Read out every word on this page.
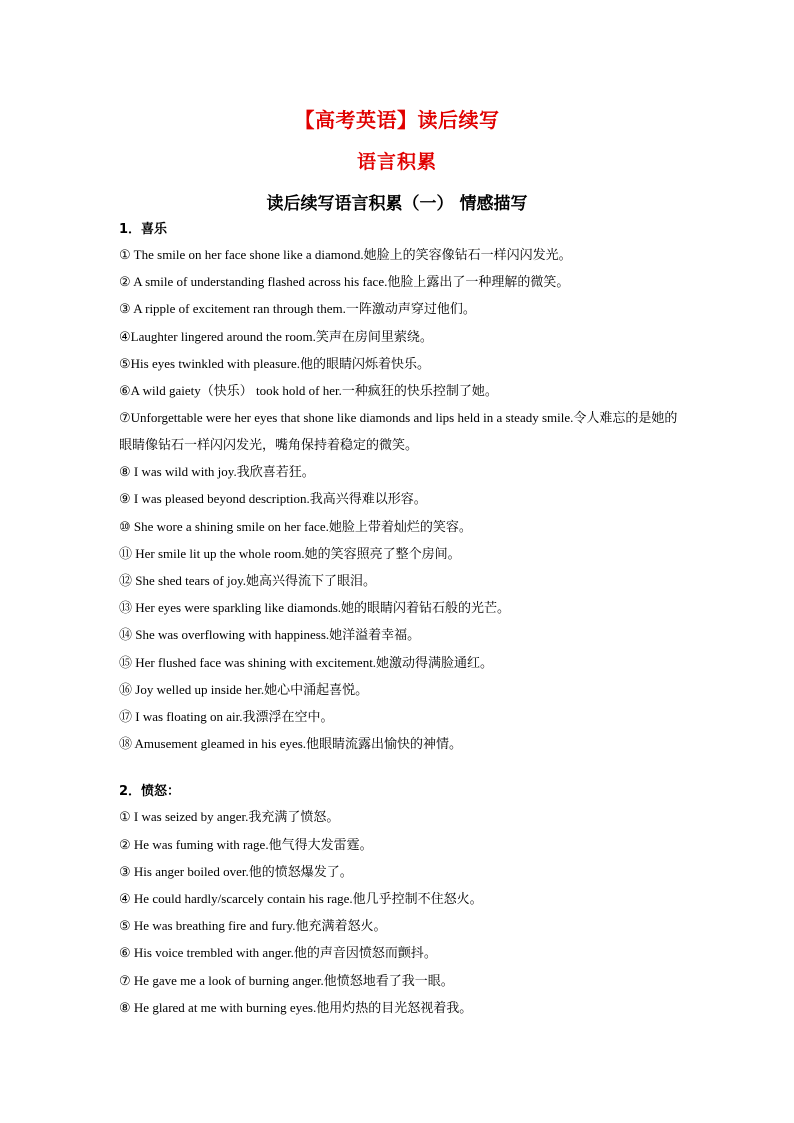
【高考英语】读后续写
语言积累
读后续写语言积累（一） 情感描写
1．喜乐
① The smile on her face shone like a diamond.她脸上的笑容像钻石一样闪闪发光。
② A smile of understanding flashed across his face.他脸上露出了一种理解的微笑。
③ A ripple of excitement ran through them.一阵激动声穿过他们。
④Laughter lingered around the room.笑声在房间里萦绕。
⑤His eyes twinkled with pleasure.他的眼睛闪烁着快乐。
⑥A wild gaiety（快乐） took hold of her.一种疯狂的快乐控制了她。
⑦Unforgettable were her eyes that shone like diamonds and lips held in a steady smile.令人难忘的是她的眼睛像钻石一样闪闪发光，嘴角保持着稳定的微笑。
⑧ I was wild with joy.我欣喜若狂。
⑨ I was pleased beyond description.我高兴得难以形容。
⑩ She wore a shining smile on her face.她脸上带着灿烂的笑容。
⑪ Her smile lit up the whole room.她的笑容照亮了整个房间。
⑫ She shed tears of joy.她高兴得流下了眼泪。
⑬ Her eyes were sparkling like diamonds.她的眼睛闪着钻石般的光芒。
⑭ She was overflowing with happiness.她洋溢着幸福。
⑮ Her flushed face was shining with excitement.她激动得满脸通红。
⑯ Joy welled up inside her.她心中涌起喜悦。
⑰ I was floating on air.我漂浮在空中。
⑱ Amusement gleamed in his eyes.他眼睛流露出愉快的神情。
2．愤怒：
① I was seized by anger.我充满了愤怒。
② He was fuming with rage.他气得大发雷霆。
③ His anger boiled over.他的愤怒爆发了。
④ He could hardly/scarcely contain his rage.他几乎控制不住怒火。
⑤ He was breathing fire and fury.他充满着怒火。
⑥ His voice trembled with anger.他的声音因愤怒而颤抖。
⑦ He gave me a look of burning anger.他愤怒地看了我一眼。
⑧ He glared at me with burning eyes.他用灼热的目光怒视着我。
